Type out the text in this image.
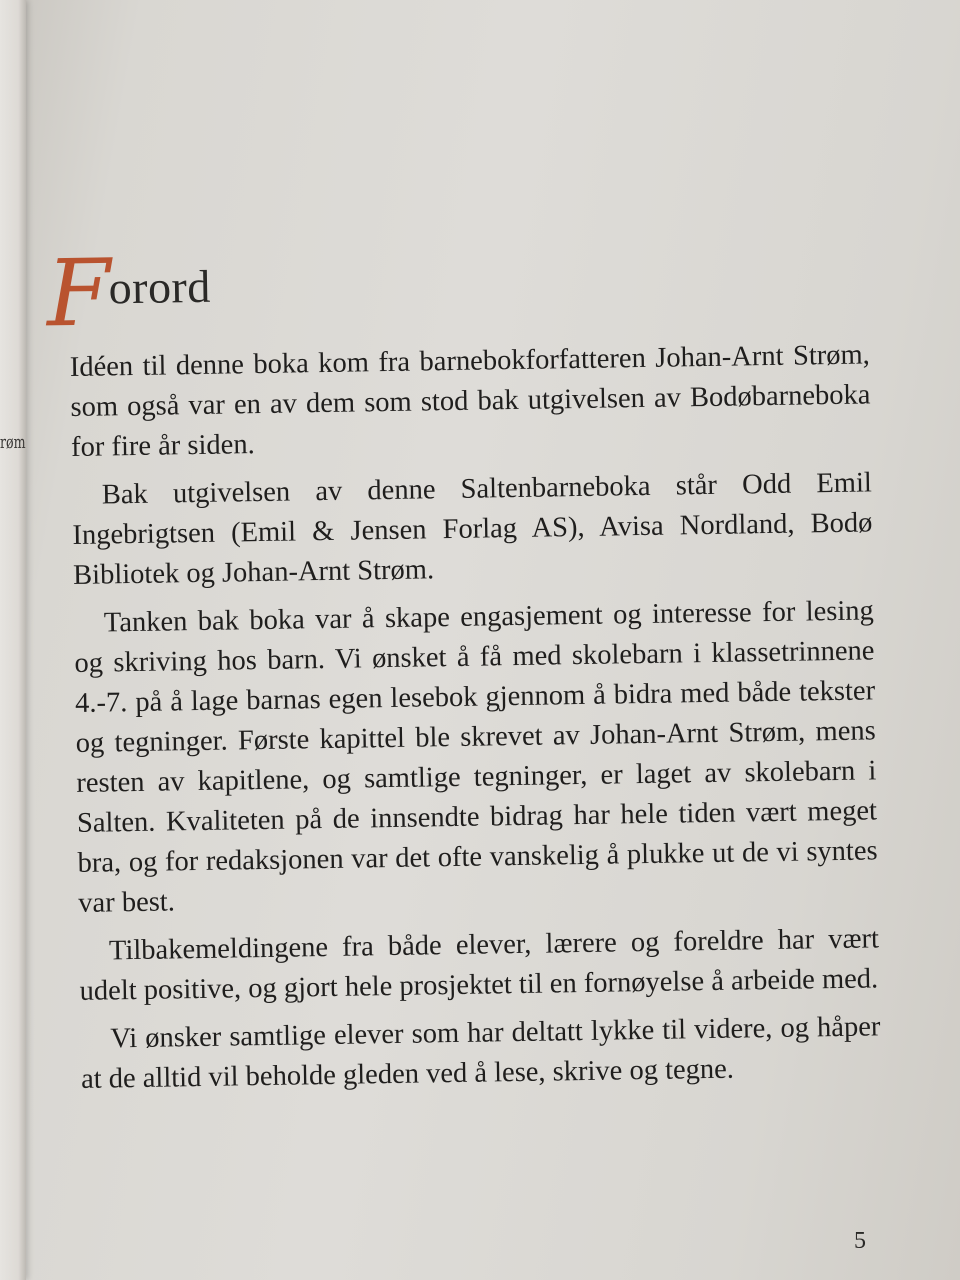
røm
F
orord

Idéen til denne boka kom fra barnebokforfatteren Johan-Arnt Strøm, som også var en av dem som stod bak utgivelsen av Bodøbarneboka for fire år siden.

Bak utgivelsen av denne Saltenbarneboka står Odd Emil Ingebrigtsen (Emil & Jensen Forlag AS), Avisa Nordland, Bodø Bibliotek og Johan-Arnt Strøm.

Tanken bak boka var å skape engasjement og interesse for lesing og skriving hos barn. Vi ønsket å få med skolebarn i klassetrinnene 4.-7. på å lage barnas egen lesebok gjennom å bidra med både tekster og tegninger. Første kapittel ble skrevet av Johan-Arnt Strøm, mens resten av kapitlene, og samtlige tegninger, er laget av skolebarn i Salten. Kvaliteten på de innsendte bidrag har hele tiden vært meget bra, og for redaksjonen var det ofte vanskelig å plukke ut de vi syntes var best.

Tilbakemeldingene fra både elever, lærere og foreldre har vært udelt positive, og gjort hele prosjektet til en fornøyelse å arbeide med.

Vi ønsker samtlige elever som har deltatt lykke til videre, og håper at de alltid vil beholde gleden ved å lese, skrive og tegne.

5
